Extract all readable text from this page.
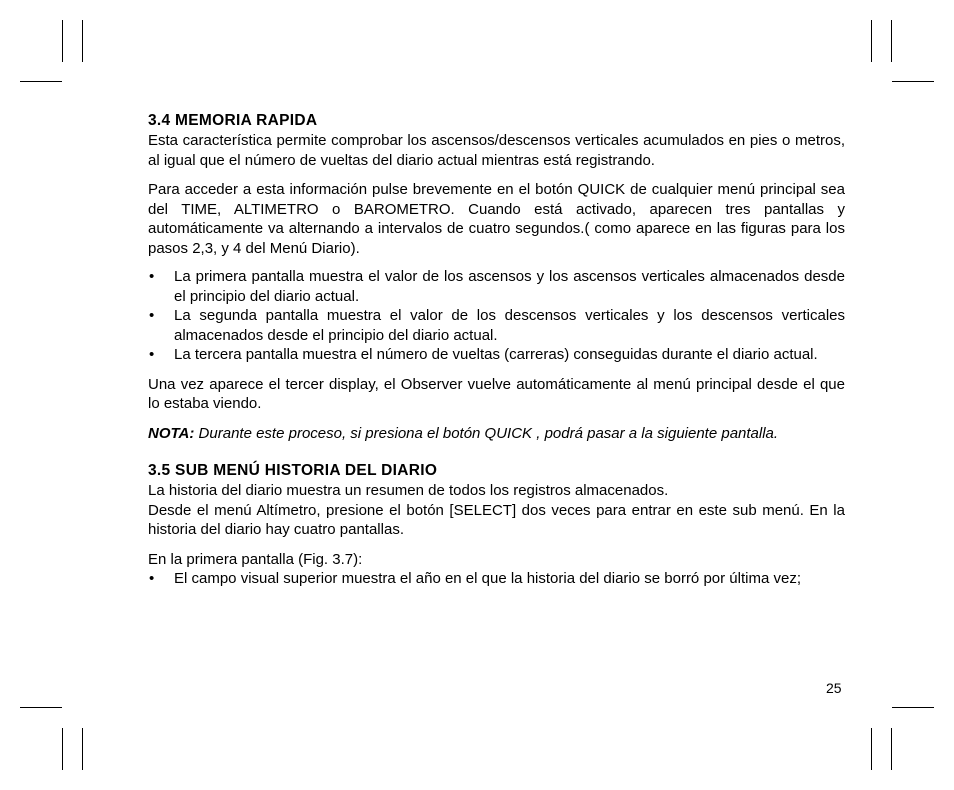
3.4 MEMORIA RAPIDA

Esta característica permite comprobar los ascensos/descensos verticales acumulados en pies o metros, al igual que el número de vueltas del diario actual mientras está registrando.

Para acceder a esta información pulse brevemente en el botón QUICK de cualquier menú principal sea del TIME, ALTIMETRO o BAROMETRO. Cuando está activado, aparecen tres pantallas y automáticamente va alternando a intervalos de cuatro segundos.( como aparece en las figuras para los pasos 2,3, y 4 del Menú Diario).

• La primera pantalla muestra el valor de los ascensos y los ascensos verticales almacenados desde el principio del diario actual.
• La segunda pantalla muestra el valor de los descensos verticales y los descensos verticales almacenados desde el principio del diario actual.
• La tercera pantalla muestra el número de vueltas (carreras) conseguidas durante el diario actual.

Una vez aparece el tercer display, el Observer vuelve automáticamente al menú principal desde el que lo estaba viendo.

NOTA: Durante este proceso, si presiona el botón QUICK , podrá pasar a la siguiente pantalla.

3.5 SUB MENÚ HISTORIA DEL DIARIO

La historia del diario muestra un resumen de todos los registros almacenados.

Desde el menú Altímetro, presione el botón [SELECT] dos veces para entrar en este sub menú. En la historia del diario hay cuatro pantallas.

En la primera pantalla (Fig. 3.7):

• El campo visual superior muestra el año en el que la historia del diario se borró por última vez;
25
